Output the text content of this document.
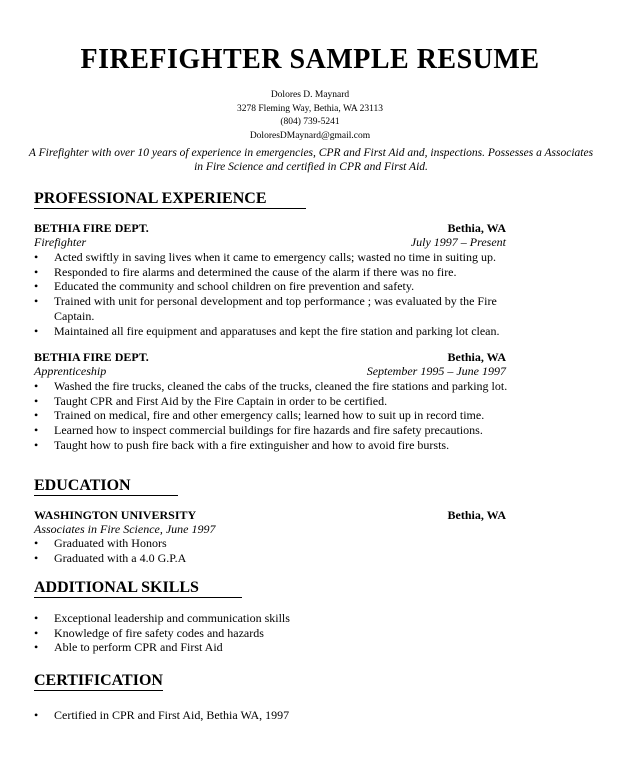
FIREFIGHTER SAMPLE RESUME
Dolores D. Maynard
3278 Fleming Way, Bethia, WA 23113
(804) 739-5241
DoloresDMaynard@gmail.com
A Firefighter with over 10 years of experience in emergencies, CPR and First Aid and, inspections. Possesses a Associates
in Fire Science and certified in CPR and First Aid.
PROFESSIONAL EXPERIENCE
BETHIA FIRE DEPT.	Bethia, WA
Firefighter	July 1997 – Present
• Acted swiftly in saving lives when it came to emergency calls; wasted no time in suiting up.
• Responded to fire alarms and determined the cause of the alarm if there was no fire.
• Educated the community and school children on fire prevention and safety.
• Trained with unit for personal development and top performance ; was evaluated by the Fire Captain.
• Maintained all fire equipment and apparatuses and kept the fire station and parking lot clean.
BETHIA FIRE DEPT.	Bethia, WA
Apprenticeship	September 1995 – June 1997
• Washed the fire trucks, cleaned the cabs of the trucks, cleaned the fire stations and parking lot.
• Taught CPR and First Aid by the Fire Captain in order to be certified.
• Trained on medical, fire and other emergency calls; learned how to suit up in record time.
• Learned how to inspect commercial buildings for fire hazards and fire safety precautions.
• Taught how to push fire back with a fire extinguisher and how to avoid fire bursts.
EDUCATION
WASHINGTON UNIVERSITY	Bethia, WA
Associates in Fire Science, June 1997
• Graduated with Honors
• Graduated with a 4.0 G.P.A
ADDITIONAL SKILLS
• Exceptional leadership and communication skills
• Knowledge of fire safety codes and hazards
• Able to perform CPR and First Aid
CERTIFICATION
• Certified in CPR and First Aid, Bethia WA, 1997
